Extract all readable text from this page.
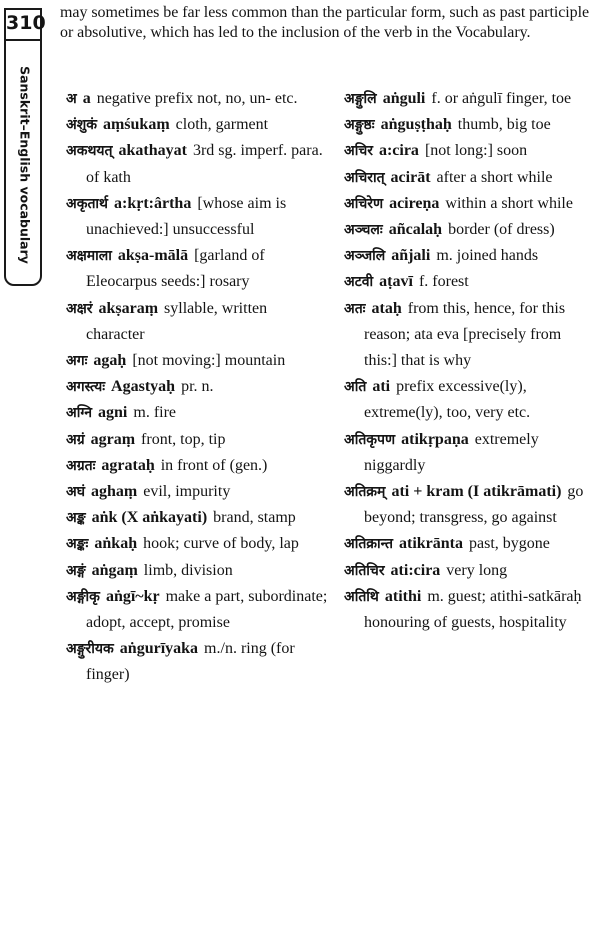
310
Sanskrit–English vocabulary
may sometimes be far less common than the particular form, such as past participle or absolutive, which has led to the inclusion of the verb in the Vocabulary.
अ a negative prefix not, no, un- etc.
अंशुकं aṃśukaṃ cloth, garment
अकथयत् akathayat 3rd sg. imperf. para. of kath
अकृतार्थ a:kṛt:ârtha [whose aim is unachieved:] unsuccessful
अक्षमाला akṣa-mālā [garland of Eleocarpus seeds:] rosary
अक्षरं akṣaraṃ syllable, written character
अगः agaḥ [not moving:] mountain
अगस्त्यः Agastyaḥ pr. n.
अग्नि agni m. fire
अग्रं agraṃ front, top, tip
अग्रतः agrataḥ in front of (gen.)
अघं aghaṃ evil, impurity
अङ्क aṅk (X aṅkayati) brand, stamp
अङ्कः aṅkaḥ hook; curve of body, lap
अङ्गं aṅgaṃ limb, division
अङ्गीकृ aṅgī~kṛ make a part, subordinate; adopt, accept, promise
अङ्गुरीयक aṅgurīyaka m./n. ring (for finger)
अङ्गुलि aṅguli f. or aṅgulī finger, toe
अङ्गुष्ठः aṅguṣṭhaḥ thumb, big toe
अचिर a:cira [not long:] soon
अचिरात् acirāt after a short while
अचिरेण acireṇa within a short while
अञ्चलः añcalaḥ border (of dress)
अञ्जलि añjali m. joined hands
अटवी aṭavī f. forest
अतः ataḥ from this, hence, for this reason; ata eva [precisely from this:] that is why
अति ati prefix excessive(ly), extreme(ly), too, very etc.
अतिकृपण atikṛpaṇa extremely niggardly
अतिक्रम् ati + kram (I atikrāmati) go beyond; transgress, go against
अतिक्रान्त atikrānta past, bygone
अतिचिर ati:cira very long
अतिथि atithi m. guest; atithi-satkāraḥ honouring of guests, hospitality
